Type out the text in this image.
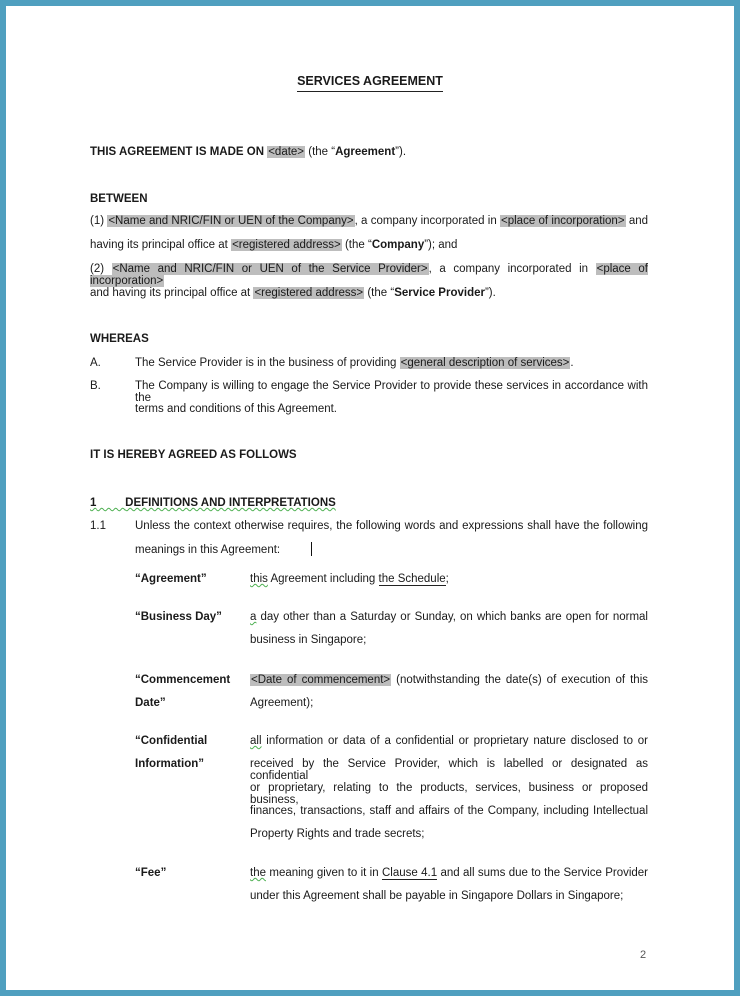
SERVICES AGREEMENT
THIS AGREEMENT IS MADE ON <date> (the “Agreement”).
BETWEEN
(1) <Name and NRIC/FIN or UEN of the Company>, a company incorporated in <place of incorporation> and
having its principal office at <registered address> (the “Company”); and
(2) <Name and NRIC/FIN or UEN of the Service Provider>, a company incorporated in <place of incorporation>
and having its principal office at <registered address> (the “Service Provider”).
WHEREAS
A.	The Service Provider is in the business of providing <general description of services>.
B.	The Company is willing to engage the Service Provider to provide these services in accordance with the
terms and conditions of this Agreement.
IT IS HEREBY AGREED AS FOLLOWS
1	DEFINITIONS AND INTERPRETATIONS
1.1	Unless the context otherwise requires, the following words and expressions shall have the following
meanings in this Agreement:
“Agreement”	this Agreement including the Schedule;
“Business Day” a day other than a Saturday or Sunday, on which banks are open for normal
business in Singapore;
“Commencement
Date”
<Date of commencement> (notwithstanding the date(s) of execution of this
Agreement);
“Confidential
Information”
all information or data of a confidential or proprietary nature disclosed to or
received by the Service Provider, which is labelled or designated as confidential
or proprietary, relating to the products, services, business or proposed business,
finances, transactions, staff and affairs of the Company, including Intellectual
Property Rights and trade secrets;
“Fee”	the meaning given to it in Clause 4.1 and all sums due to the Service Provider
under this Agreement shall be payable in Singapore Dollars in Singapore;
2
